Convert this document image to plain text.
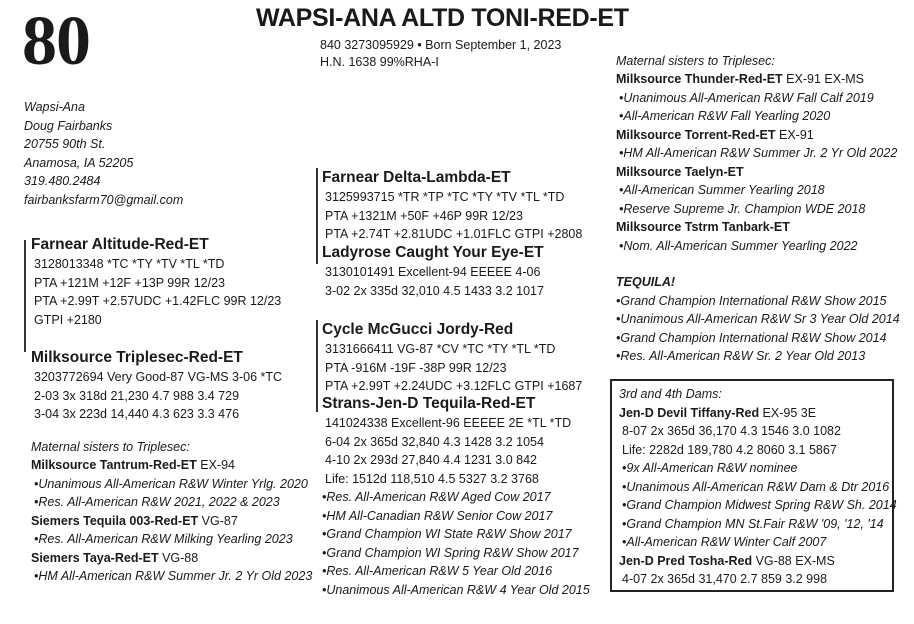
80	WAPSI-ANA ALTD TONI-RED-ET
840 3273095929 • Born September 1, 2023
H.N. 1638 99%RHA-I
Wapsi-Ana
Doug Fairbanks
20755 90th St.
Anamosa, IA 52205
319.480.2484
fairbanksfarm70@gmail.com
Farnear Altitude-Red-ET
3128013348 *TC *TY *TV *TL *TD
PTA +121M +12F +13P 99R 12/23
PTA +2.99T +2.57UDC +1.42FLC 99R 12/23
GTPI +2180
Milksource Triplesec-Red-ET
3203772694 Very Good-87 VG-MS 3-06 *TC
2-03 3x 318d 21,230 4.7 988 3.4 729
3-04 3x 223d 14,440 4.3 623 3.3 476
Maternal sisters to Triplesec:
Milksource Tantrum-Red-ET EX-94
•Unanimous All-American R&W Winter Yrlg. 2020
•Res. All-American R&W 2021, 2022 & 2023
Siemers Tequila 003-Red-ET VG-87
•Res. All-American R&W Milking Yearling 2023
Siemers Taya-Red-ET VG-88
•HM All-American R&W Summer Jr. 2 Yr Old 2023
Farnear Delta-Lambda-ET
3125993715 *TR *TP *TC *TY *TV *TL *TD
PTA +1321M +50F +46P 99R 12/23
PTA +2.74T +2.81UDC +1.01FLC GTPI +2808
Ladyrose Caught Your Eye-ET
3130101491 Excellent-94 EEEEE 4-06
3-02 2x 335d 32,010 4.5 1433 3.2 1017
Cycle McGucci Jordy-Red
3131666411 VG-87 *CV *TC *TY *TL *TD
PTA -916M -19F -38P 99R 12/23
PTA +2.99T +2.24UDC +3.12FLC GTPI +1687
Strans-Jen-D Tequila-Red-ET
141024338 Excellent-96 EEEEE 2E *TL *TD
6-04 2x 365d 32,840 4.3 1428 3.2 1054
4-10 2x 293d 27,840 4.4 1231 3.0 842
Life: 1512d 118,510 4.5 5327 3.2 3768
•Res. All-American R&W Aged Cow 2017
•HM All-Canadian R&W Senior Cow 2017
•Grand Champion WI State R&W Show 2017
•Grand Champion WI Spring R&W Show 2017
•Res. All-American R&W 5 Year Old 2016
•Unanimous All-American R&W 4 Year Old 2015
Maternal sisters to Triplesec:
Milksource Thunder-Red-ET EX-91 EX-MS
•Unanimous All-American R&W Fall Calf 2019
•All-American R&W Fall Yearling 2020
Milksource Torrent-Red-ET EX-91
•HM All-American R&W Summer Jr. 2 Yr Old 2022
Milksource Taelyn-ET
•All-American Summer Yearling 2018
•Reserve Supreme Jr. Champion WDE 2018
Milksource Tstrm Tanbark-ET
•Nom. All-American Summer Yearling 2022
TEQUILA!
•Grand Champion International R&W Show 2015
•Unanimous All-American R&W Sr 3 Year Old 2014
•Grand Champion International R&W Show 2014
•Res. All-American R&W Sr. 2 Year Old 2013
3rd and 4th Dams:
Jen-D Devil Tiffany-Red EX-95 3E
8-07 2x 365d 36,170 4.3 1546 3.0 1082
Life: 2282d 189,780 4.2 8060 3.1 5867
•9x All-American R&W nominee
•Unanimous All-American R&W Dam & Dtr 2016
•Grand Champion Midwest Spring R&W Sh. 2014
•Grand Champion MN St.Fair R&W '09, '12, '14
•All-American R&W Winter Calf 2007
Jen-D Pred Tosha-Red VG-88 EX-MS
4-07 2x 365d 31,470 2.7 859 3.2 998
